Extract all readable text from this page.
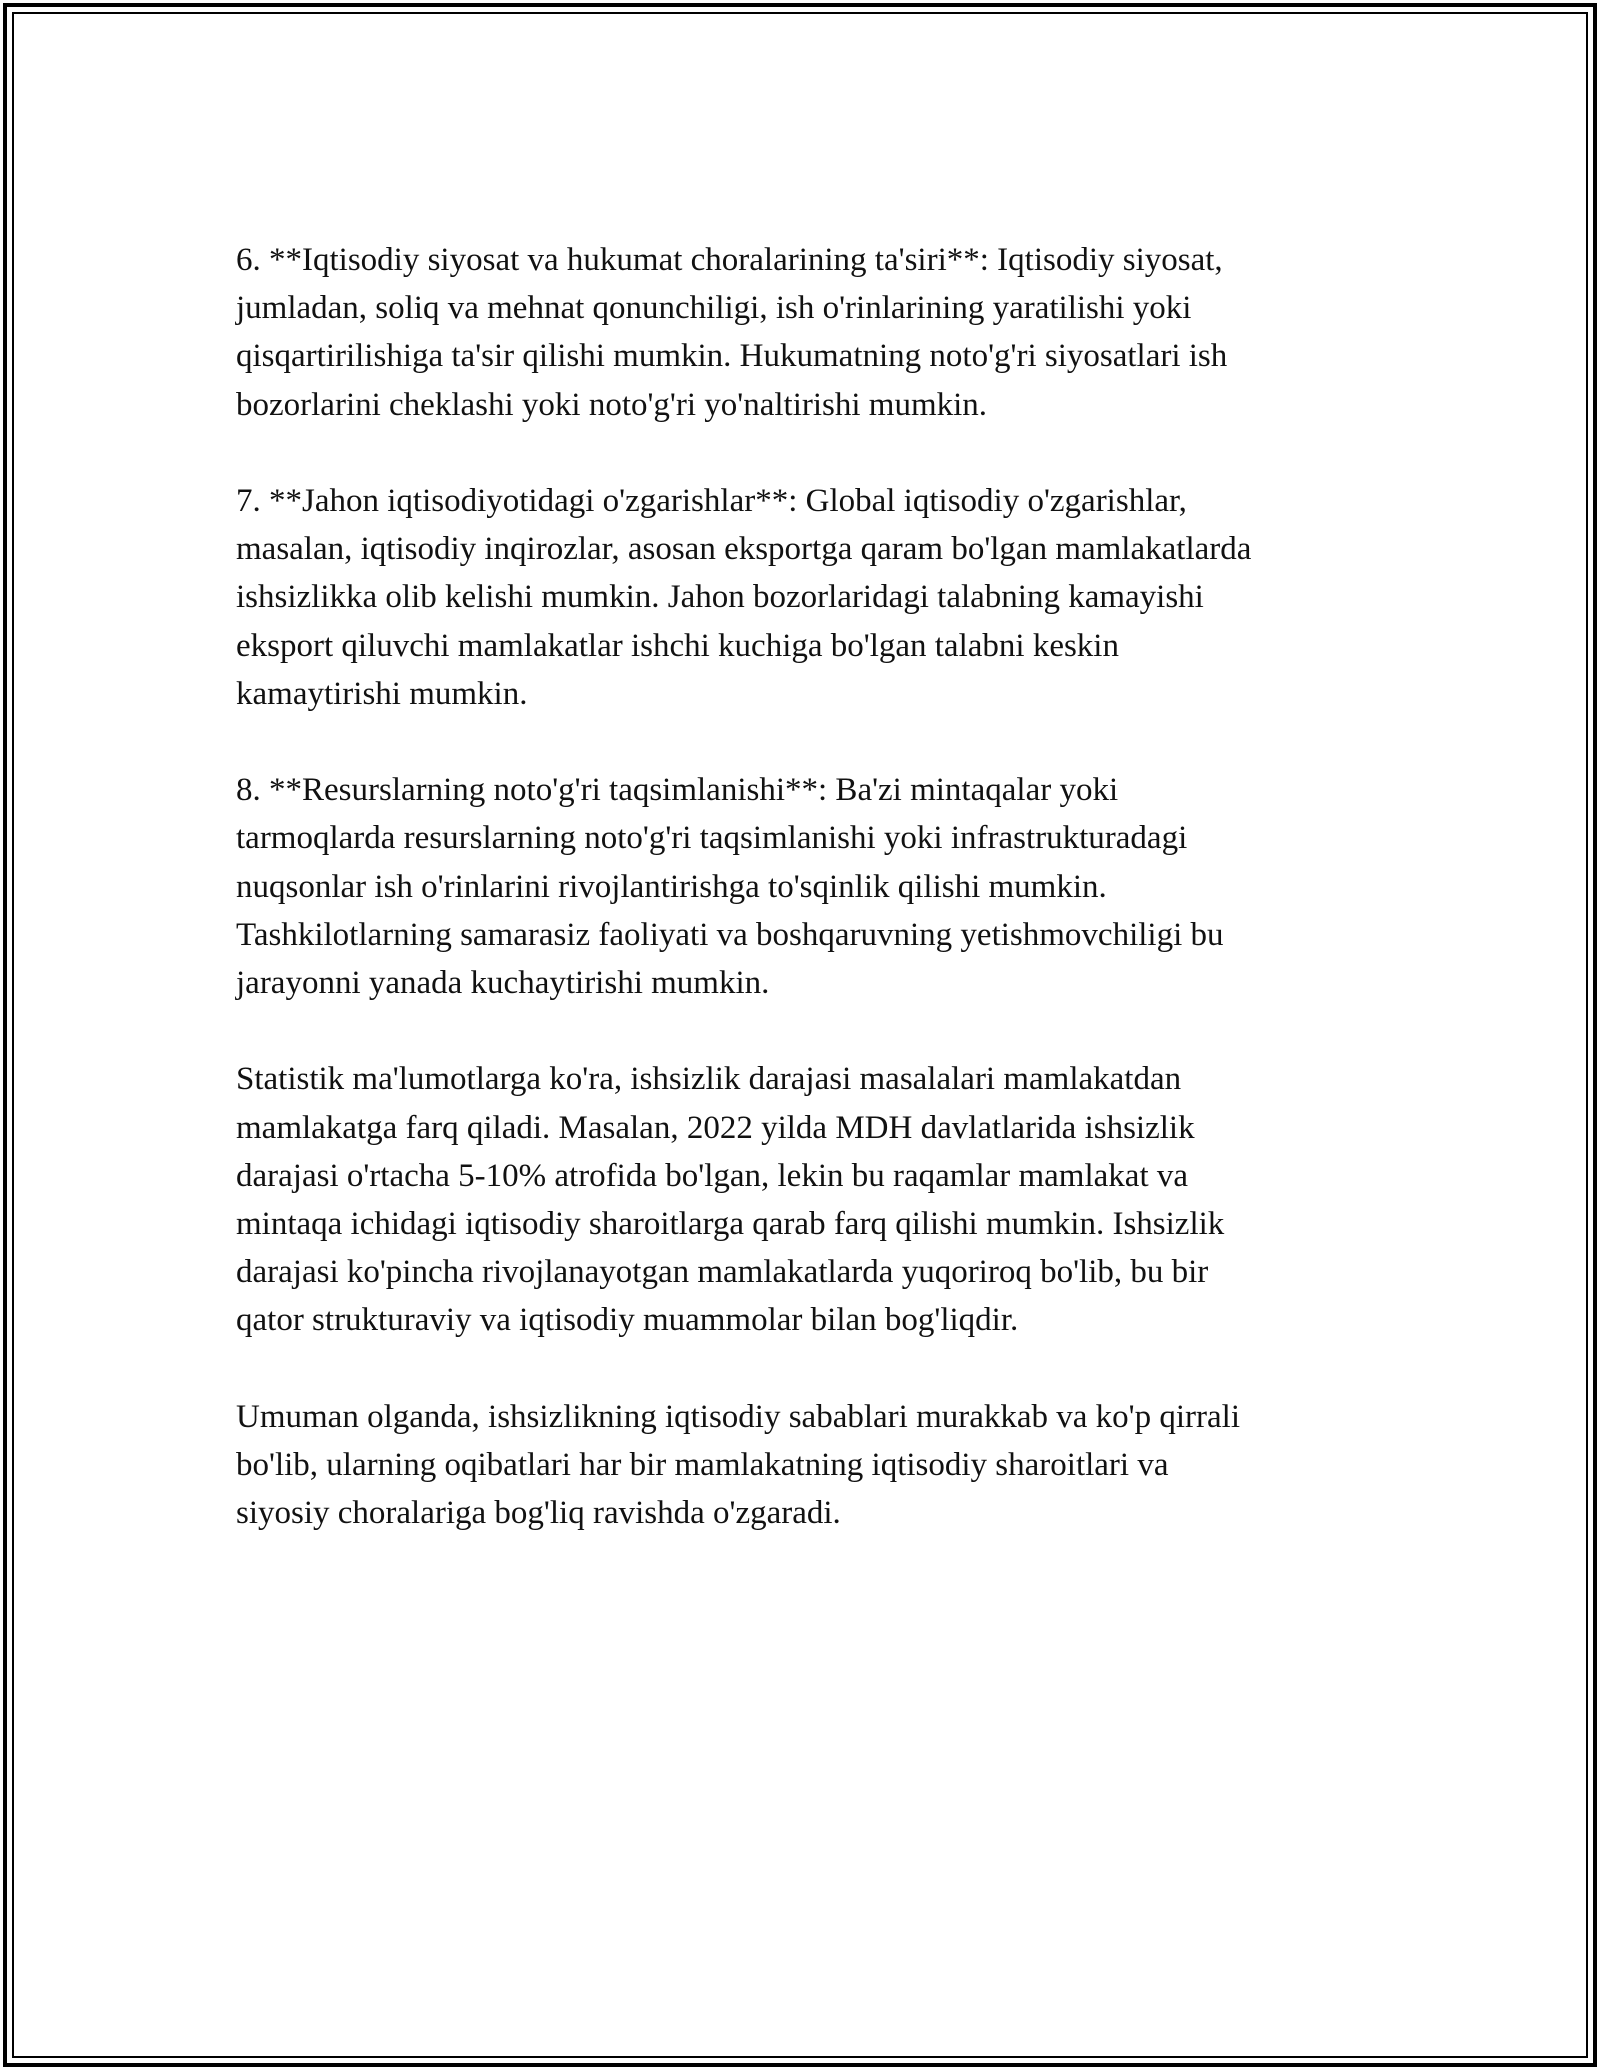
6. **Iqtisodiy siyosat va hukumat choralarining ta'siri**: Iqtisodiy siyosat,
jumladan, soliq va mehnat qonunchiligi, ish o'rinlarining yaratilishi yoki
qisqartirilishiga ta'sir qilishi mumkin. Hukumatning noto'g'ri siyosatlari ish
bozorlarini cheklashi yoki noto'g'ri yo'naltirishi mumkin.

7. **Jahon iqtisodiyotidagi o'zgarishlar**: Global iqtisodiy o'zgarishlar,
masalan, iqtisodiy inqirozlar, asosan eksportga qaram bo'lgan mamlakatlarda
ishsizlikka olib kelishi mumkin. Jahon bozorlaridagi talabning kamayishi
eksport qiluvchi mamlakatlar ishchi kuchiga bo'lgan talabni keskin
kamaytirishi mumkin.

8. **Resurslarning noto'g'ri taqsimlanishi**: Ba'zi mintaqalar yoki
tarmoqlarda resurslarning noto'g'ri taqsimlanishi yoki infrastrukturadagi
nuqsonlar ish o'rinlarini rivojlantirishga to'sqinlik qilishi mumkin.
Tashkilotlarning samarasiz faoliyati va boshqaruvning yetishmovchiligi bu
jarayonni yanada kuchaytirishi mumkin.

Statistik ma'lumotlarga ko'ra, ishsizlik darajasi masalalari mamlakatdan
mamlakatga farq qiladi. Masalan, 2022 yilda MDH davlatlarida ishsizlik
darajasi o'rtacha 5-10% atrofida bo'lgan, lekin bu raqamlar mamlakat va
mintaqa ichidagi iqtisodiy sharoitlarga qarab farq qilishi mumkin. Ishsizlik
darajasi ko'pincha rivojlanayotgan mamlakatlarda yuqoriroq bo'lib, bu bir
qator strukturaviy va iqtisodiy muammolar bilan bog'liqdir.

Umuman olganda, ishsizlikning iqtisodiy sabablari murakkab va ko'p qirrali
bo'lib, ularning oqibatlari har bir mamlakatning iqtisodiy sharoitlari va
siyosiy choralariga bog'liq ravishda o'zgaradi.
